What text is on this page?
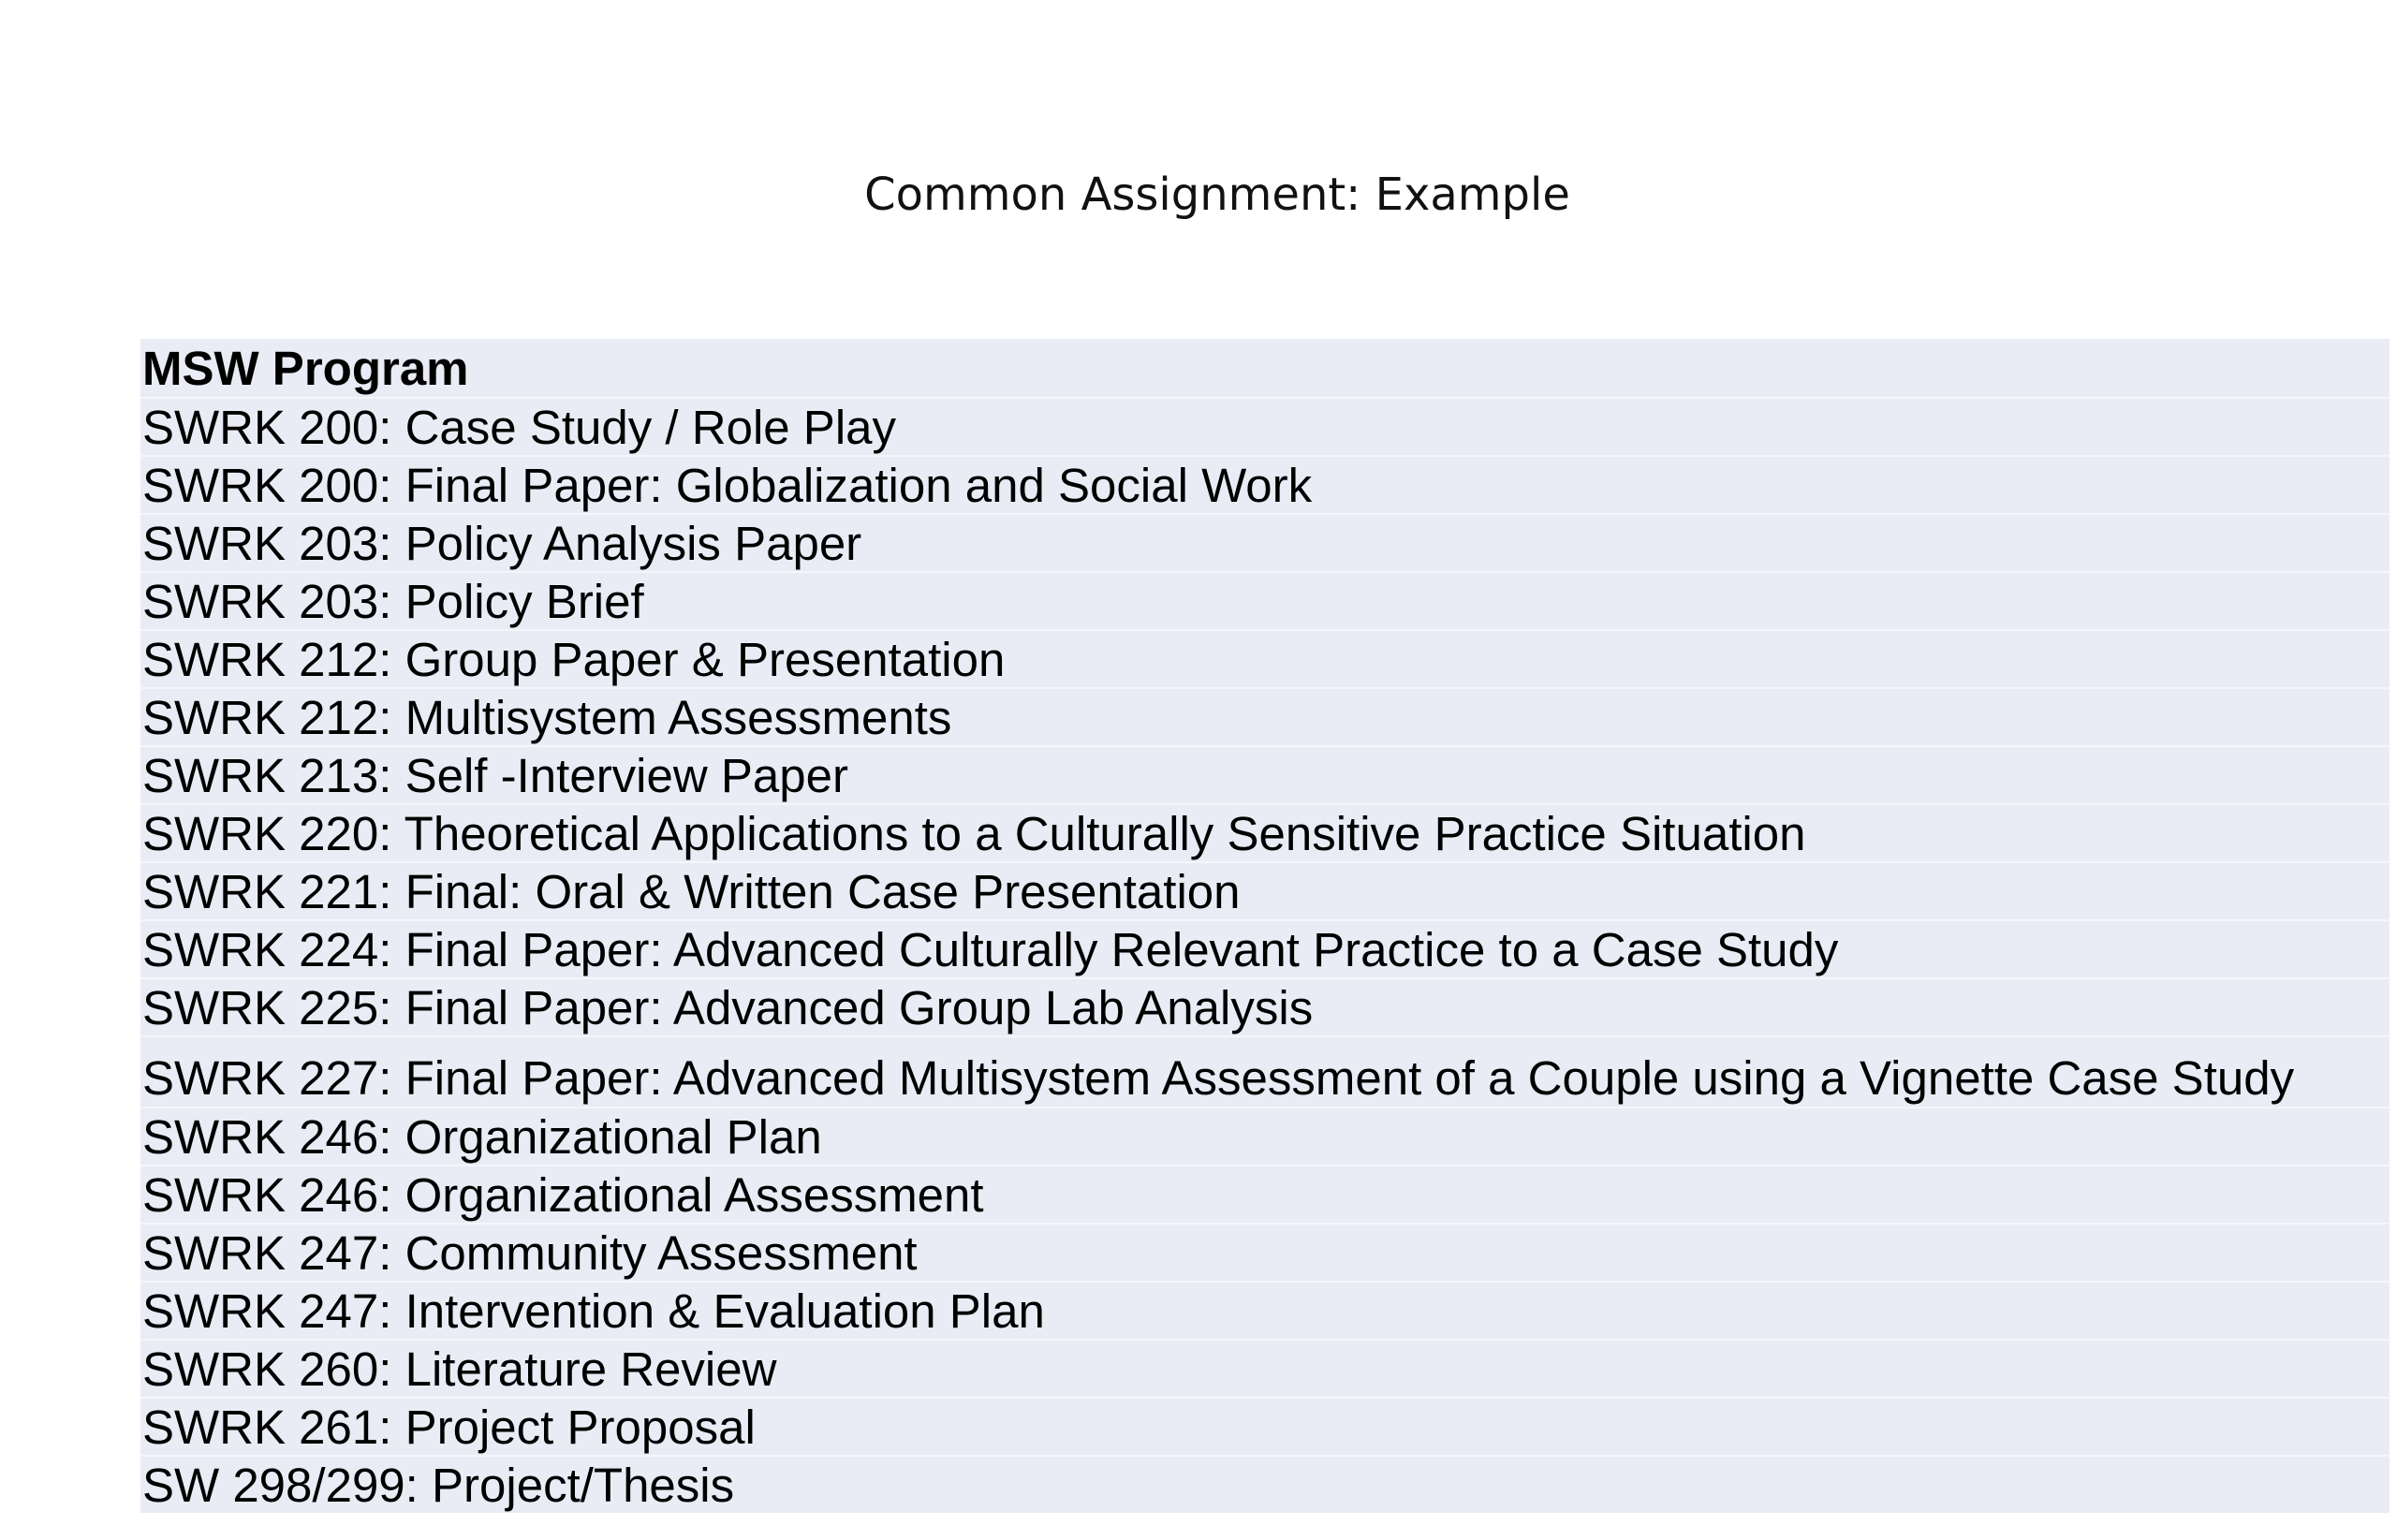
Common Assignment: Example
MSW Program
SWRK 200: Case Study / Role Play
SWRK 200: Final Paper: Globalization and Social Work
SWRK 203: Policy Analysis Paper
SWRK 203: Policy Brief
SWRK 212: Group Paper & Presentation
SWRK 212: Multisystem Assessments
SWRK 213: Self -Interview Paper
SWRK 220: Theoretical Applications to a Culturally Sensitive Practice Situation
SWRK 221: Final: Oral & Written Case Presentation
SWRK 224: Final Paper: Advanced Culturally Relevant Practice to a Case Study
SWRK 225: Final Paper: Advanced Group Lab Analysis
SWRK 227: Final Paper: Advanced Multisystem Assessment of a Couple using a Vignette Case Study
SWRK 246: Organizational Plan
SWRK 246: Organizational Assessment
SWRK 247: Community Assessment
SWRK 247: Intervention & Evaluation Plan
SWRK 260: Literature Review
SWRK 261: Project Proposal
SW 298/299: Project/Thesis
